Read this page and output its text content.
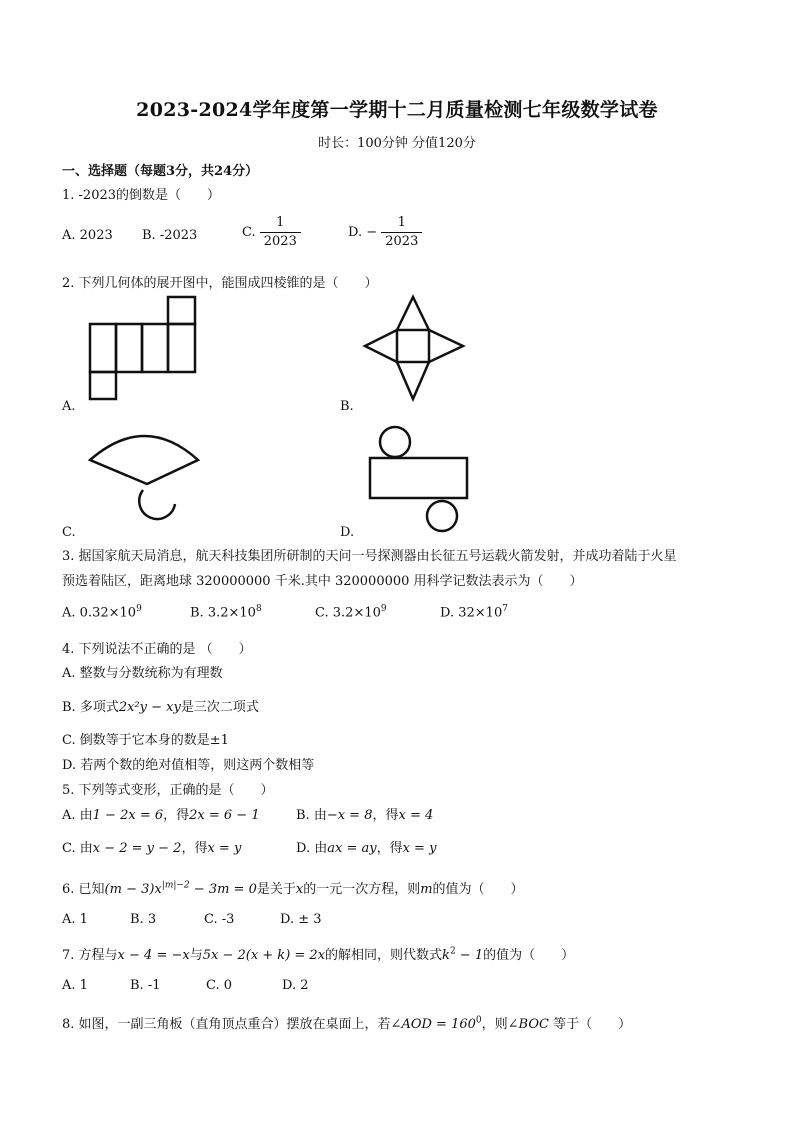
2023-2024学年度第一学期十二月质量检测七年级数学试卷
时长：100分钟 分值120分
一、选择题（每题3分，共24分）
1. -2023的倒数是（　　）
A. 2023 B. -2023	C. $\frac{1}{2023}$	D. − $\frac{1}{2023}$
2. 下列几何体的展开图中，能围成四棱锥的是（　　）
A.	B.
C.	D.
3. 据国家航天局消息，航天科技集团所研制的天问一号探测器由长征五号运载火箭发射，并成功着陆于火星
预选着陆区，距离地球 320000000 千米.其中 320000000 用科学记数法表示为（　　）
A. $0.32\times 10^9$	B. $3.2\times 10^8$	C. $3.2\times 10^9$	D. $32\times 10^7$
4. 下列说法不正确的是 （　　）
A. 整数与分数统称为有理数
B. 多项式2x²y − xy是三次二项式
C. 倒数等于它本身的数是±1
D. 若两个数的绝对值相等，则这两个数相等
5. 下列等式变形，正确的是（　　）
A. 由1 − 2x = 6，得2x = 6 − 1	B. 由−x = 8，得x = 4
C. 由x − 2 = y − 2，得x = y	D. 由ax = ay，得x = y
6. 已知$(m - 3)x^{|m|-2} - 3m = 0$是关于x的一元一次方程，则m的值为（　　）
A. 1	B. 3	C. -3	D. ± 3
7. 方程与x − 4 = −x与5x − 2(x + k) = 2x的解相同，则代数式$k^2 - 1$的值为（　　）
A. 1	B. -1	C. 0	D. 2
8. 如图，一副三角板（直角顶点重合）摆放在桌面上，若∠AOD = $160^0$，则∠BOC 等于（　　）
